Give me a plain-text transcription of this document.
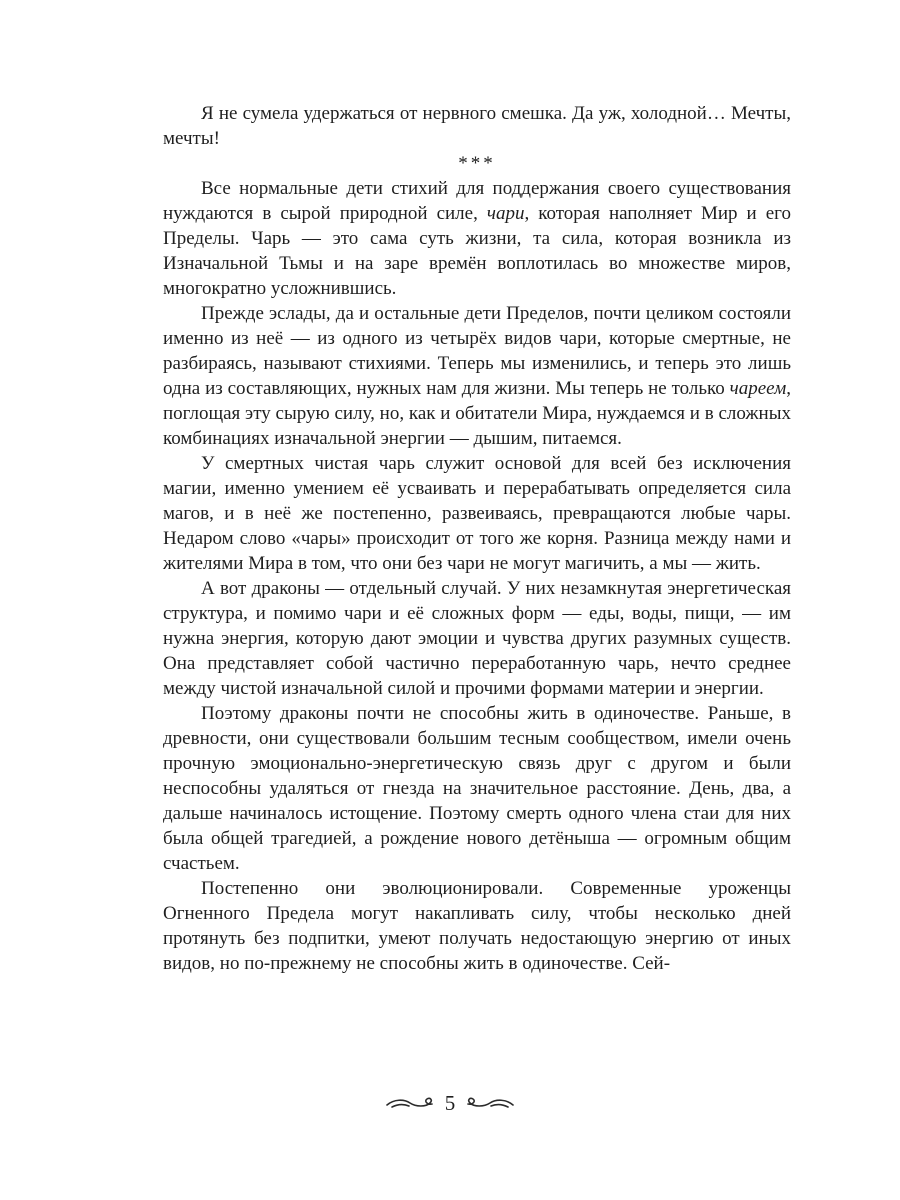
Я не сумела удержаться от нервного смешка. Да уж, холодной… Мечты, мечты!

***

Все нормальные дети стихий для поддержания своего существования нуждаются в сырой природной силе, чари, которая наполняет Мир и его Пределы. Чарь — это сама суть жизни, та сила, которая возникла из Изначальной Тьмы и на заре времён воплотилась во множестве миров, многократно усложнившись.

Прежде эслады, да и остальные дети Пределов, почти целиком состояли именно из неё — из одного из четырёх видов чари, которые смертные, не разбираясь, называют стихиями. Теперь мы изменились, и теперь это лишь одна из составляющих, нужных нам для жизни. Мы теперь не только чареем, поглощая эту сырую силу, но, как и обитатели Мира, нуждаемся и в сложных комбинациях изначальной энергии — дышим, питаемся.

У смертных чистая чарь служит основой для всей без исключения магии, именно умением её усваивать и перерабатывать определяется сила магов, и в неё же постепенно, развеиваясь, превращаются любые чары. Недаром слово «чары» происходит от того же корня. Разница между нами и жителями Мира в том, что они без чари не могут магичить, а мы — жить.

А вот драконы — отдельный случай. У них незамкнутая энергетическая структура, и помимо чари и её сложных форм — еды, воды, пищи, — им нужна энергия, которую дают эмоции и чувства других разумных существ. Она представляет собой частично переработанную чарь, нечто среднее между чистой изначальной силой и прочими формами материи и энергии.

Поэтому драконы почти не способны жить в одиночестве. Раньше, в древности, они существовали большим тесным сообществом, имели очень прочную эмоционально-энергетическую связь друг с другом и были неспособны удаляться от гнезда на значительное расстояние. День, два, а дальше начиналось истощение. Поэтому смерть одного члена стаи для них была общей трагедией, а рождение нового детёныша — огромным общим счастьем.

Постепенно они эволюционировали. Современные уроженцы Огненного Предела могут накапливать силу, чтобы несколько дней протянуть без подпитки, умеют получать недостающую энергию от иных видов, но по-прежнему не способны жить в одиночестве. Сей-

5
